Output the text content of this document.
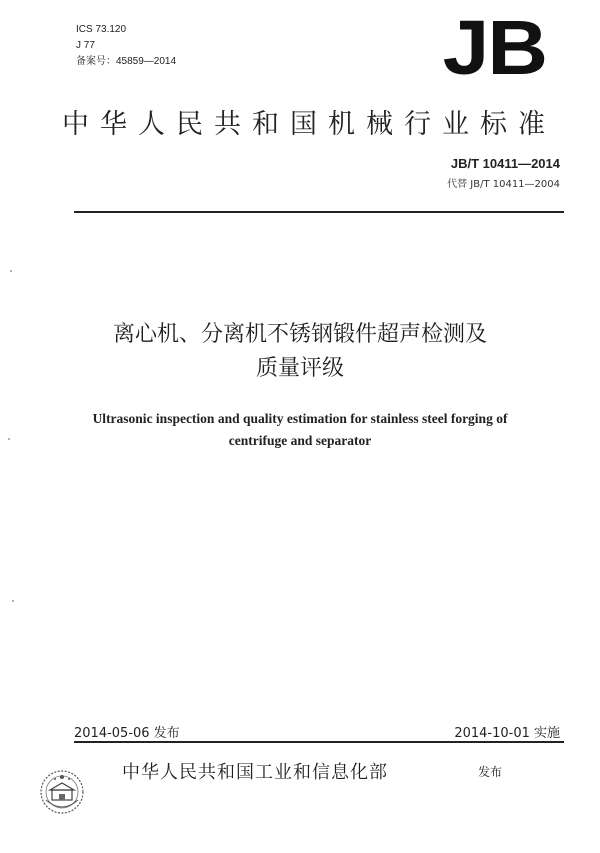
ICS 73.120
J 77
备案号：45859—2014	JB
中华人民共和国机械行业标准
JB/T 10411—2014
代替 JB/T 10411—2004
离心机、分离机不锈钢锻件超声检测及
质量评级
Ultrasonic inspection and quality estimation for stainless steel forging of
centrifuge and separator
2014-05-06 发布	2014-10-01 实施
中华人民共和国工业和信息化部	发布
